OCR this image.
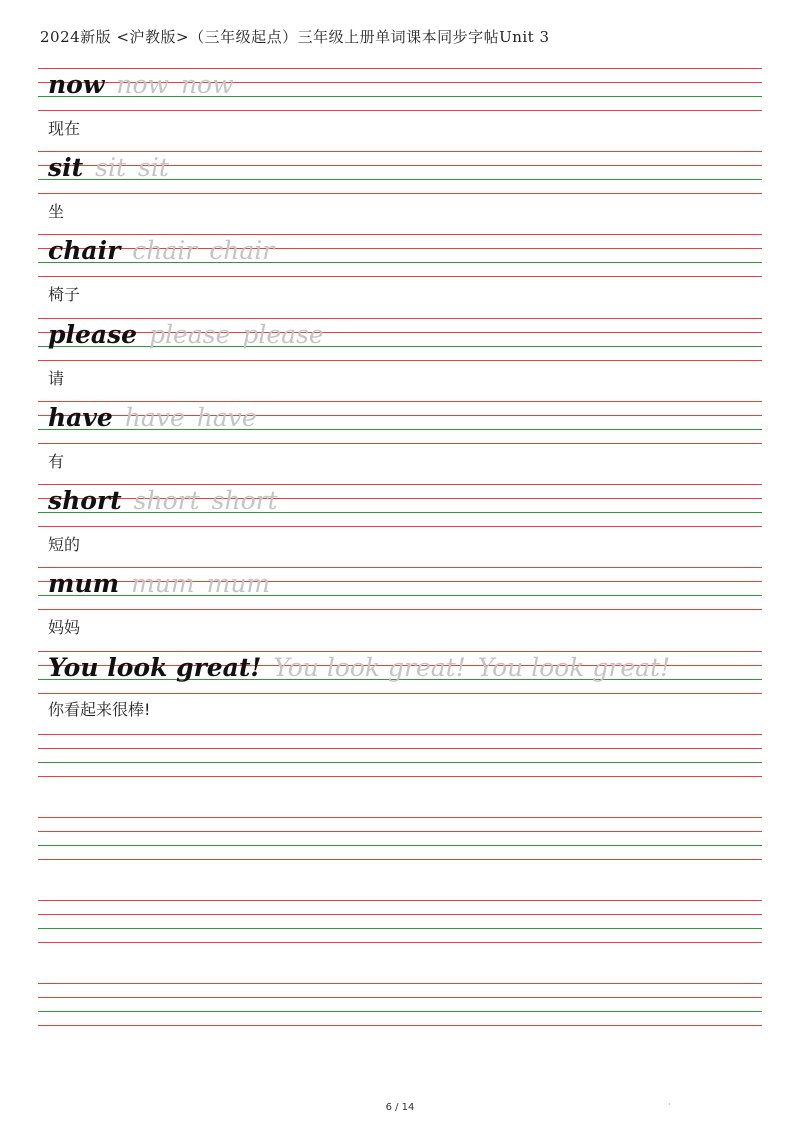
2024新版 <沪教版>（三年级起点）三年级上册单词课本同步字帖Unit 3
now now now
现在
sit sit sit
坐
chair chair chair
椅子
please please please
请
have have have
有
short short short
短的
mum mum mum
妈妈
You look great! You look great! You look great!
你看起来很棒!
6 / 14	·
